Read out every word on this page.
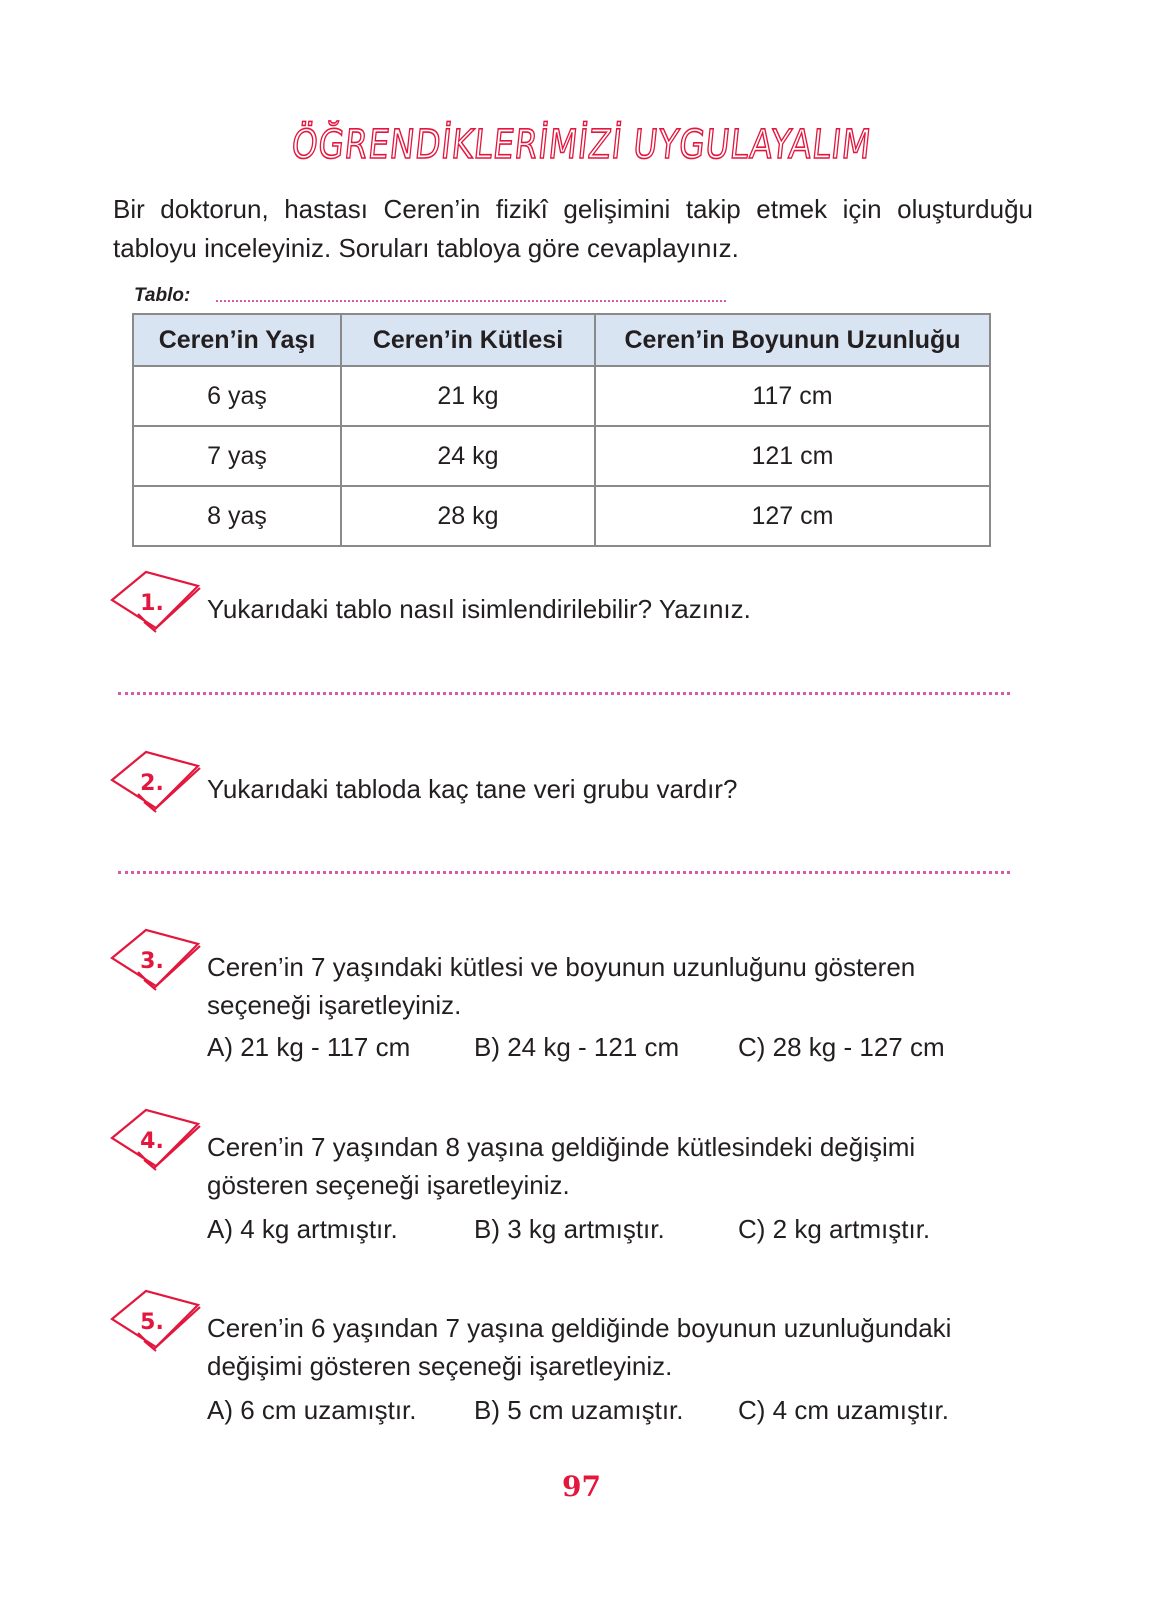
ÖĞRENDİKLERİMİZİ UYGULAYALIM
Bir doktorun, hastası Ceren’in fizikî gelişimini takip etmek için oluşturduğu tabloyu inceleyiniz. Soruları tabloya göre cevaplayınız.
Tablo:
Ceren’in Yaşı	Ceren’in Kütlesi	Ceren’in Boyunun Uzunluğu
6 yaş	21 kg	117 cm
7 yaş	24 kg	121 cm
8 yaş	28 kg	127 cm
1. Yukarıdaki tablo nasıl isimlendirilebilir? Yazınız.
2. Yukarıdaki tabloda kaç tane veri grubu vardır?
3. Ceren’in 7 yaşındaki kütlesi ve boyunun uzunluğunu gösteren seçeneği işaretleyiniz.
A) 21 kg - 117 cm B) 24 kg - 121 cm C) 28 kg - 127 cm
4. Ceren’in 7 yaşından 8 yaşına geldiğinde kütlesindeki değişimi gösteren seçeneği işaretleyiniz.
A) 4 kg artmıştır.	B) 3 kg artmıştır.	C) 2 kg artmıştır.
5. Ceren’in 6 yaşından 7 yaşına geldiğinde boyunun uzunluğundaki değişimi gösteren seçeneği işaretleyiniz.
A) 6 cm uzamıştır. B) 5 cm uzamıştır. C) 4 cm uzamıştır.
97
